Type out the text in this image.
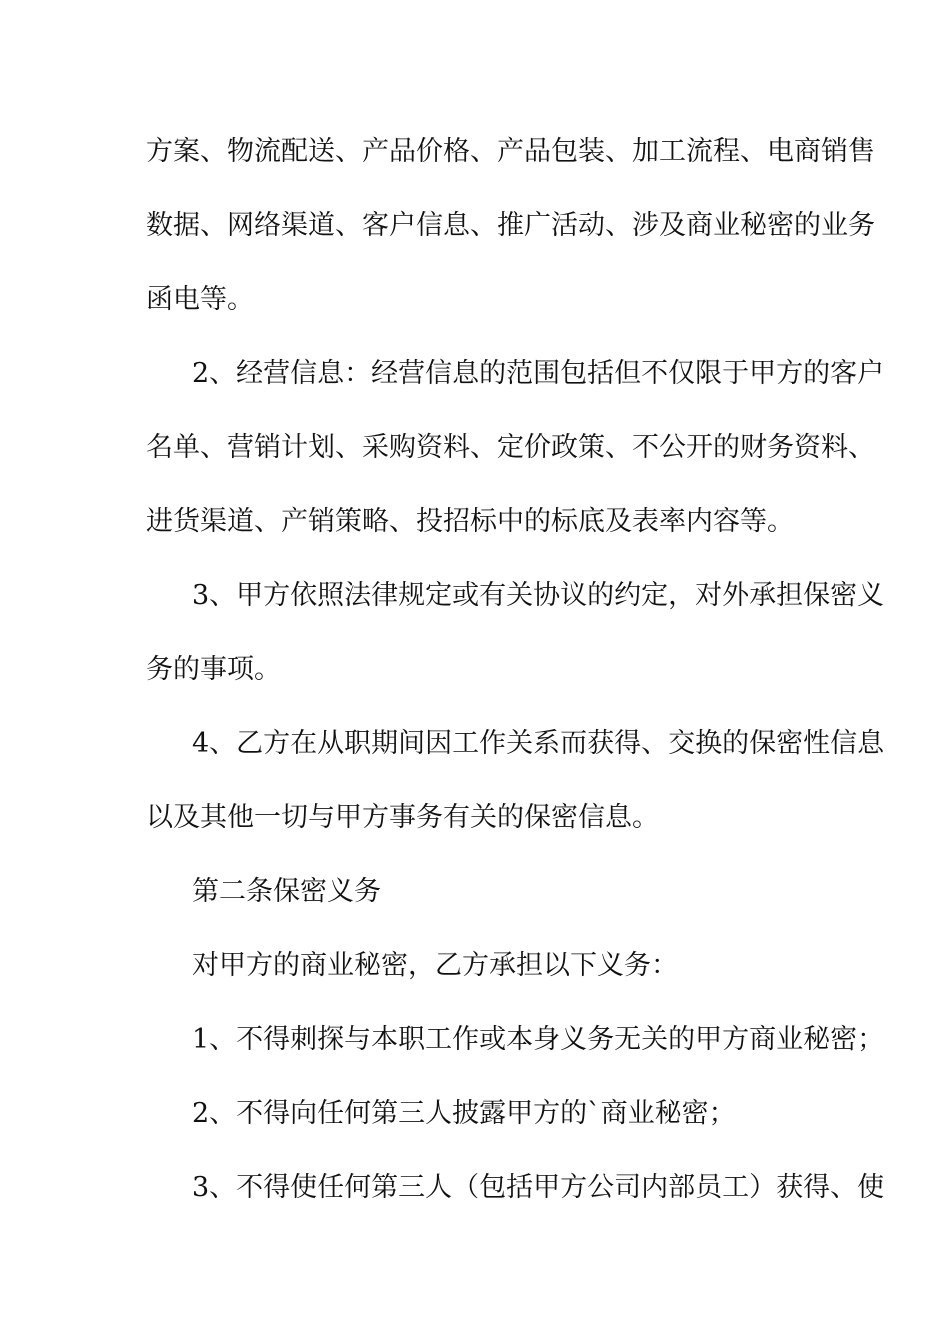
方案、物流配送、产品价格、产品包装、加工流程、电商销售
数据、网络渠道、客户信息、推广活动、涉及商业秘密的业务
函电等。
2、经营信息：经营信息的范围包括但不仅限于甲方的客户
名单、营销计划、采购资料、定价政策、不公开的财务资料、
进货渠道、产销策略、投招标中的标底及表率内容等。
3、甲方依照法律规定或有关协议的约定，对外承担保密义
务的事项。
4、乙方在从职期间因工作关系而获得、交换的保密性信息
以及其他一切与甲方事务有关的保密信息。
第二条保密义务
对甲方的商业秘密，乙方承担以下义务：
1、不得刺探与本职工作或本身义务无关的甲方商业秘密；
2、不得向任何第三人披露甲方的`商业秘密；
3、不得使任何第三人（包括甲方公司内部员工）获得、使
